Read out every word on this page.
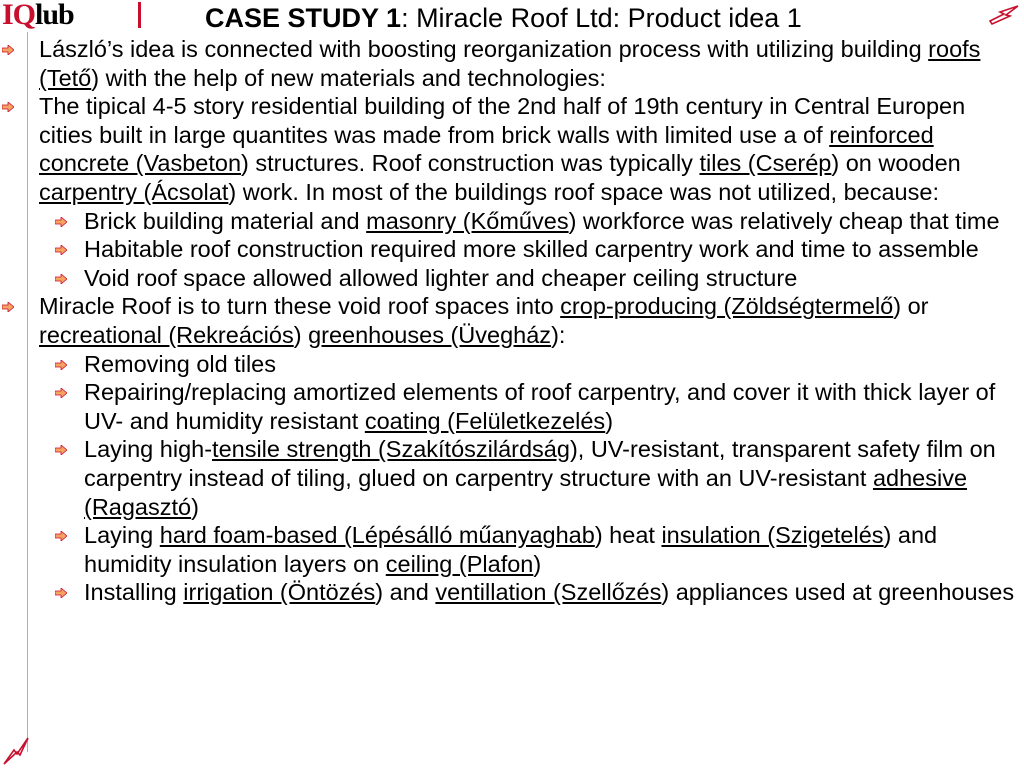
IQlub	CASE STUDY 1: Miracle Roof Ltd: Product idea 1
László’s idea is connected with boosting reorganization process with utilizing building roofs (Tető) with the help of new materials and technologies:
The tipical 4-5 story residential building of the 2nd half of 19th century in Central Europen cities built in large quantites was made from brick walls with limited use a of reinforced concrete (Vasbeton) structures. Roof construction was typically tiles (Cserép) on wooden carpentry (Ácsolat) work. In most of the buildings roof space was not utilized, because:
Brick building material and masonry (Kőműves) workforce was relatively cheap that time
Habitable roof construction required more skilled carpentry work and time to assemble
Void roof space allowed allowed lighter and cheaper ceiling structure
Miracle Roof is to turn these void roof spaces into crop-producing (Zöldségtermelő) or recreational (Rekreációs) greenhouses (Üvegház):
Removing old tiles
Repairing/replacing amortized elements of roof carpentry, and cover it with thick layer of UV- and humidity resistant coating (Felületkezelés)
Laying high-tensile strength (Szakítószilárdság), UV-resistant, transparent safety film on carpentry instead of tiling, glued on carpentry structure with an UV-resistant adhesive (Ragasztó)
Laying hard foam-based (Lépésálló műanyaghab) heat insulation (Szigetelés) and humidity insulation layers on ceiling (Plafon)
Installing irrigation (Öntözés) and ventillation (Szellőzés) appliances used at greenhouses
